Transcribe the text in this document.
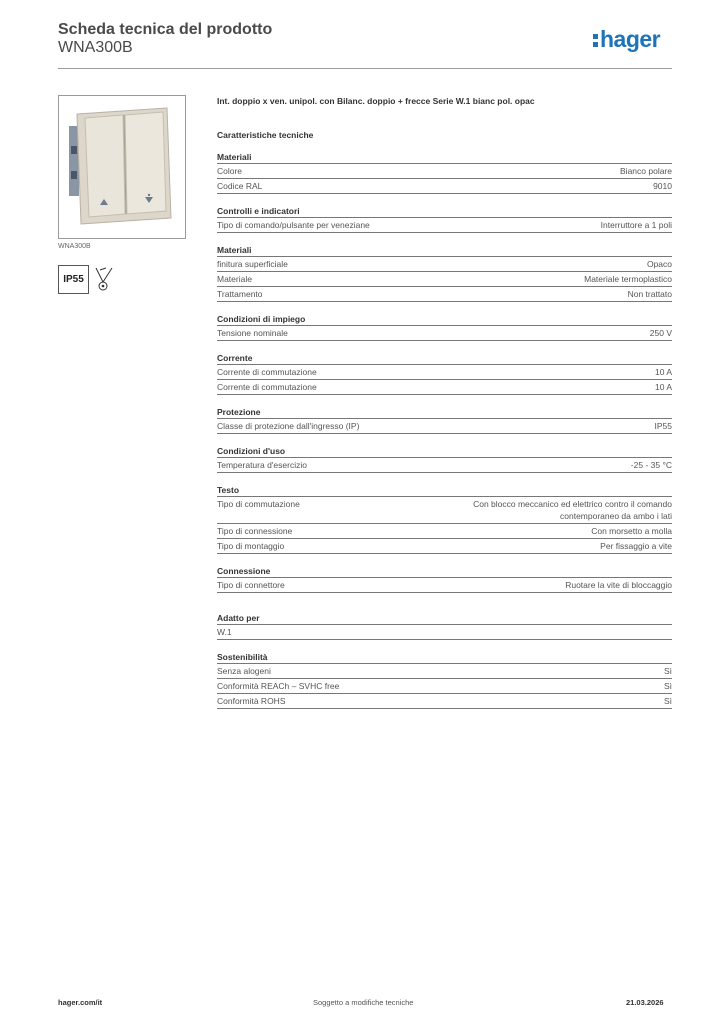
Scheda tecnica del prodotto
WNA300B	hager
WNA300B
IP55
Int. doppio x ven. unipol. con Bilanc. doppio + frecce Serie W.1 bianc pol. opac
Caratteristiche tecniche
Materiali
Colore	Bianco polare
Codice RAL	9010
Controlli e indicatori
Tipo di comando/pulsante per veneziane	Interruttore a 1 poli
Materiali
finitura superficiale	Opaco
Materiale	Materiale termoplastico
Trattamento	Non trattato
Condizioni di impiego
Tensione nominale	250 V
Corrente
Corrente di commutazione	10 A
Corrente di commutazione	10 A
Protezione
Classe di protezione dall'ingresso (IP)	IP55
Condizioni d'uso
Temperatura d'esercizio	-25 - 35 °C
Testo
Tipo di commutazione	Con blocco meccanico ed elettrico contro il comando contemporaneo da ambo i lati
Tipo di connessione	Con morsetto a molla
Tipo di montaggio	Per fissaggio a vite
Connessione
Tipo di connettore	Ruotare la vite di bloccaggio
Adatto per
W.1
Sostenibilità
Senza alogeni	Sì
Conformità REACh – SVHC free	Sì
Conformità ROHS	Sì
hager.com/it	Soggetto a modifiche tecniche	21.03.2026
